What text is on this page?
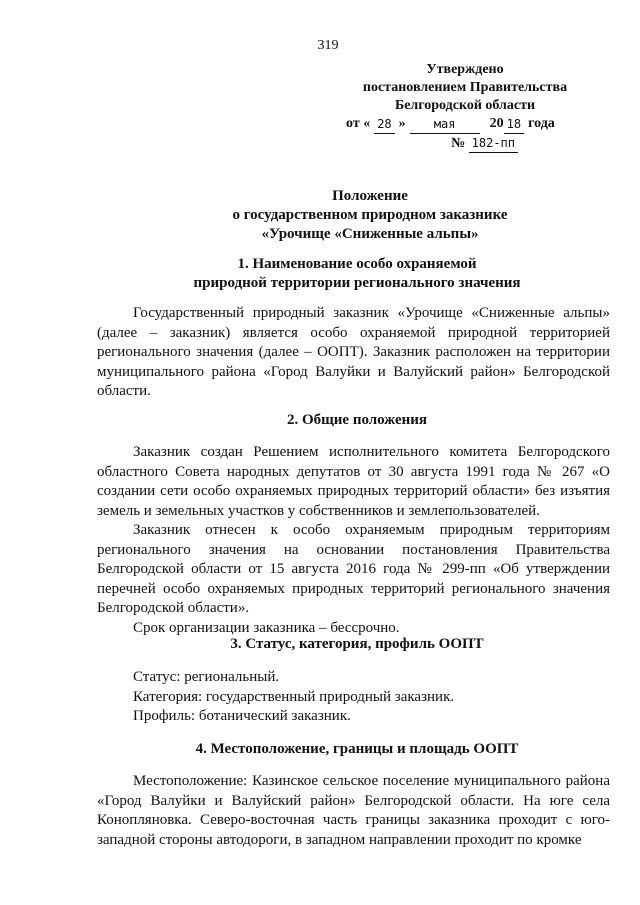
319
Утверждено
постановлением Правительства
Белгородской области
от « 28 »	мая	20 18 года
№ 182-пп
Положение
о государственном природном заказнике
«Урочище «Сниженные альпы»
1. Наименование особо охраняемой
природной территории регионального значения

Государственный природный заказник «Урочище «Сниженные альпы» (далее – заказник) является особо охраняемой природной территорией регионального значения (далее – ООПТ). Заказник расположен на территории муниципального района «Город Валуйки и Валуйский район» Белгородской области.

2. Общие положения

Заказник создан Решением исполнительного комитета Белгородского областного Совета народных депутатов от 30 августа 1991 года № 267 «О создании сети особо охраняемых природных территорий области» без изъятия земель и земельных участков у собственников и землепользователей.

Заказник отнесен к особо охраняемым природным территориям регионального значения на основании постановления Правительства Белгородской области от 15 августа 2016 года № 299-пп «Об утверждении перечней особо охраняемых природных территорий регионального значения Белгородской области».

Срок организации заказника – бессрочно.

3. Статус, категория, профиль ООПТ
Статус: региональный.
Категория: государственный природный заказник.
Профиль: ботанический заказник.
4. Местоположение, границы и площадь ООПТ

Местоположение: Казинское сельское поселение муниципального района «Город Валуйки и Валуйский район» Белгородской области. На юге села Конопляновка. Северо-восточная часть границы заказника проходит с юго-западной стороны автодороги, в западном направлении проходит по кромке
